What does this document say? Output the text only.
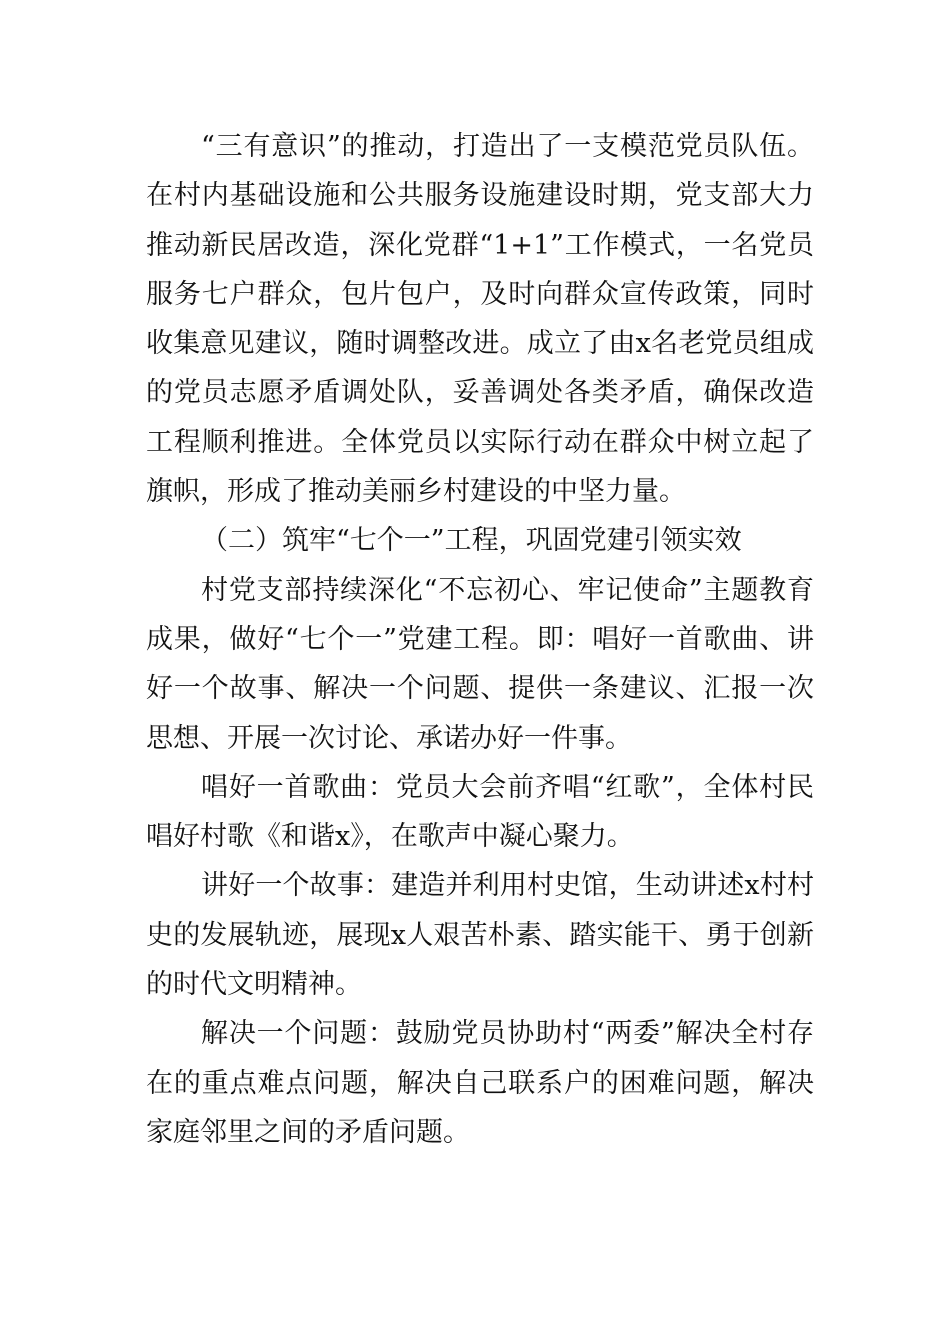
“三有意识”的推动，打造出了一支模范党员队伍。在村内基础设施和公共服务设施建设时期，党支部大力推动新民居改造，深化党群“1+1”工作模式，一名党员服务七户群众，包片包户，及时向群众宣传政策，同时收集意见建议，随时调整改进。成立了由x名老党员组成的党员志愿矛盾调处队，妥善调处各类矛盾，确保改造工程顺利推进。全体党员以实际行动在群众中树立起了旗帜，形成了推动美丽乡村建设的中坚力量。

（二）筑牢“七个一”工程，巩固党建引领实效

村党支部持续深化“不忘初心、牢记使命”主题教育成果，做好“七个一”党建工程。即：唱好一首歌曲、讲好一个故事、解决一个问题、提供一条建议、汇报一次思想、开展一次讨论、承诺办好一件事。

唱好一首歌曲：党员大会前齐唱“红歌”，全体村民唱好村歌《和谐x》，在歌声中凝心聚力。

讲好一个故事：建造并利用村史馆，生动讲述x村村史的发展轨迹，展现x人艰苦朴素、踏实能干、勇于创新的时代文明精神。

解决一个问题：鼓励党员协助村“两委”解决全村存在的重点难点问题，解决自己联系户的困难问题，解决家庭邻里之间的矛盾问题。
